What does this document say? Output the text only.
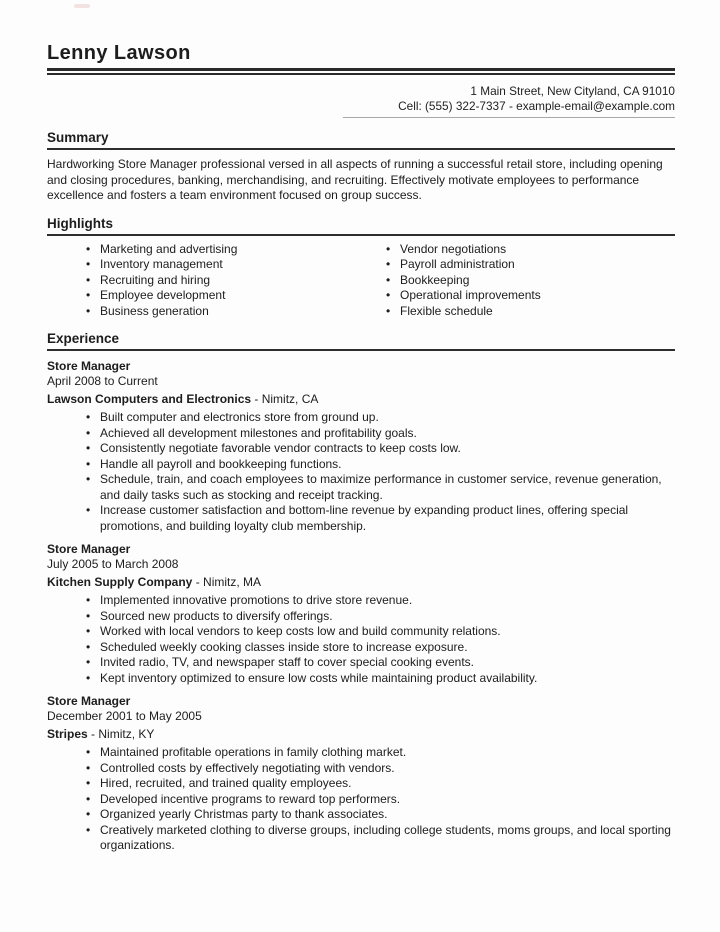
Lenny Lawson
1 Main Street, New Cityland, CA 91010
Cell: (555) 322-7337 - example-email@example.com
Summary
Hardworking Store Manager professional versed in all aspects of running a successful retail store, including opening and closing procedures, banking, merchandising, and recruiting. Effectively motivate employees to performance excellence and fosters a team environment focused on group success.
Highlights
• Marketing and advertising
• Inventory management
• Recruiting and hiring
• Employee development
• Business generation
• Vendor negotiations
• Payroll administration
• Bookkeeping
• Operational improvements
• Flexible schedule
Experience
Store Manager
April 2008 to Current
Lawson Computers and Electronics - Nimitz, CA
• Built computer and electronics store from ground up.
• Achieved all development milestones and profitability goals.
• Consistently negotiate favorable vendor contracts to keep costs low.
• Handle all payroll and bookkeeping functions.
• Schedule, train, and coach employees to maximize performance in customer service, revenue generation, and daily tasks such as stocking and receipt tracking.
• Increase customer satisfaction and bottom-line revenue by expanding product lines, offering special promotions, and building loyalty club membership.
Store Manager
July 2005 to March 2008
Kitchen Supply Company - Nimitz, MA
• Implemented innovative promotions to drive store revenue.
• Sourced new products to diversify offerings.
• Worked with local vendors to keep costs low and build community relations.
• Scheduled weekly cooking classes inside store to increase exposure.
• Invited radio, TV, and newspaper staff to cover special cooking events.
• Kept inventory optimized to ensure low costs while maintaining product availability.
Store Manager
December 2001 to May 2005
Stripes - Nimitz, KY
• Maintained profitable operations in family clothing market.
• Controlled costs by effectively negotiating with vendors.
• Hired, recruited, and trained quality employees.
• Developed incentive programs to reward top performers.
• Organized yearly Christmas party to thank associates.
• Creatively marketed clothing to diverse groups, including college students, moms groups, and local sporting organizations.
